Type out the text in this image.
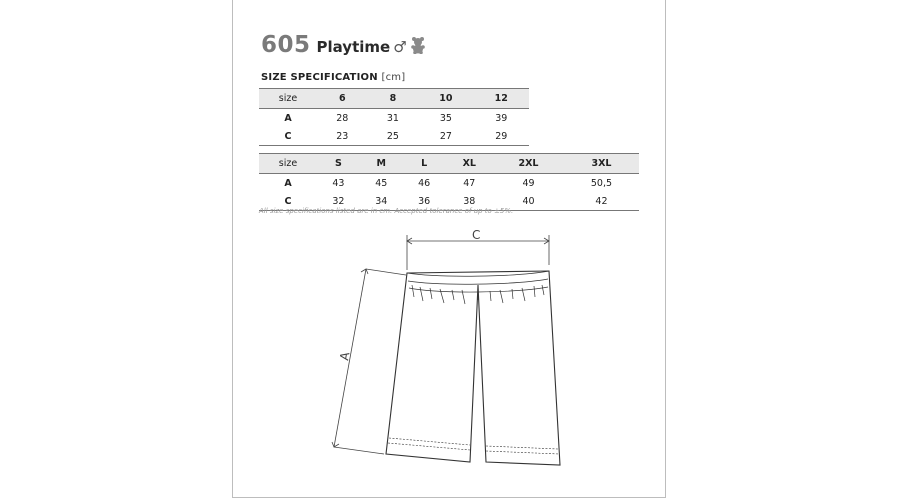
605 Playtime ♂
SIZE SPECIFICATION [cm]
size	6	8	10	12
A	28	31	35	39
C	23	25	27	29
size	S	M	L	XL	2XL	3XL
A	43	45	46	47	49	50,5
C	32	34	36	38	40	42
All size specifications listed are in cm. Accepted tolerance of up to ±5%.
C
A
